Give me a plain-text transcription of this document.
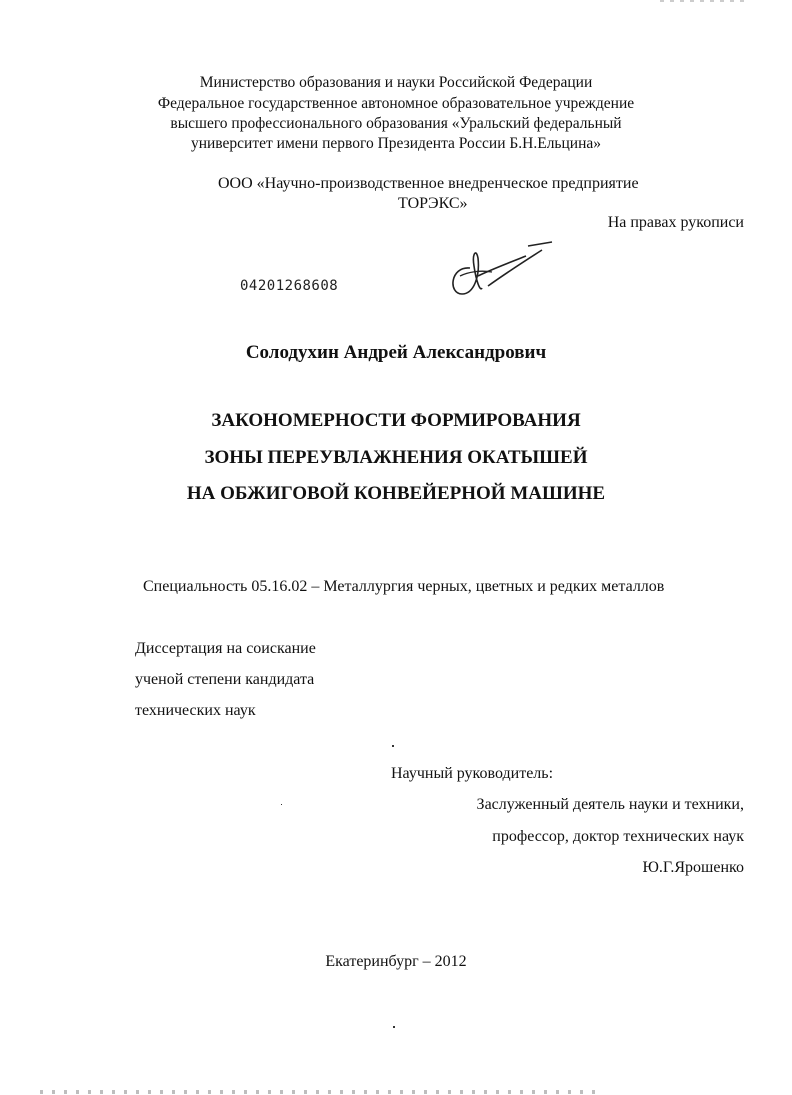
Министерство образования и науки Российской Федерации
Федеральное государственное автономное образовательное учреждение
высшего профессионального образования «Уральский федеральный
университет имени первого Президента России Б.Н.Ельцина»
ООО «Научно-производственное внедренческое предприятие
ТОРЭКС»
На правах рукописи
04201268608
Солодухин Андрей Александрович
ЗАКОНОМЕРНОСТИ ФОРМИРОВАНИЯ
ЗОНЫ ПЕРЕУВЛАЖНЕНИЯ ОКАТЫШЕЙ
НА ОБЖИГОВОЙ КОНВЕЙЕРНОЙ МАШИНЕ
Специальность 05.16.02 – Металлургия черных, цветных и редких металлов
Диссертация на соискание
ученой степени кандидата
технических наук
Научный руководитель:
Заслуженный деятель науки и техники,
профессор, доктор технических наук
Ю.Г.Ярошенко
Екатеринбург – 2012
